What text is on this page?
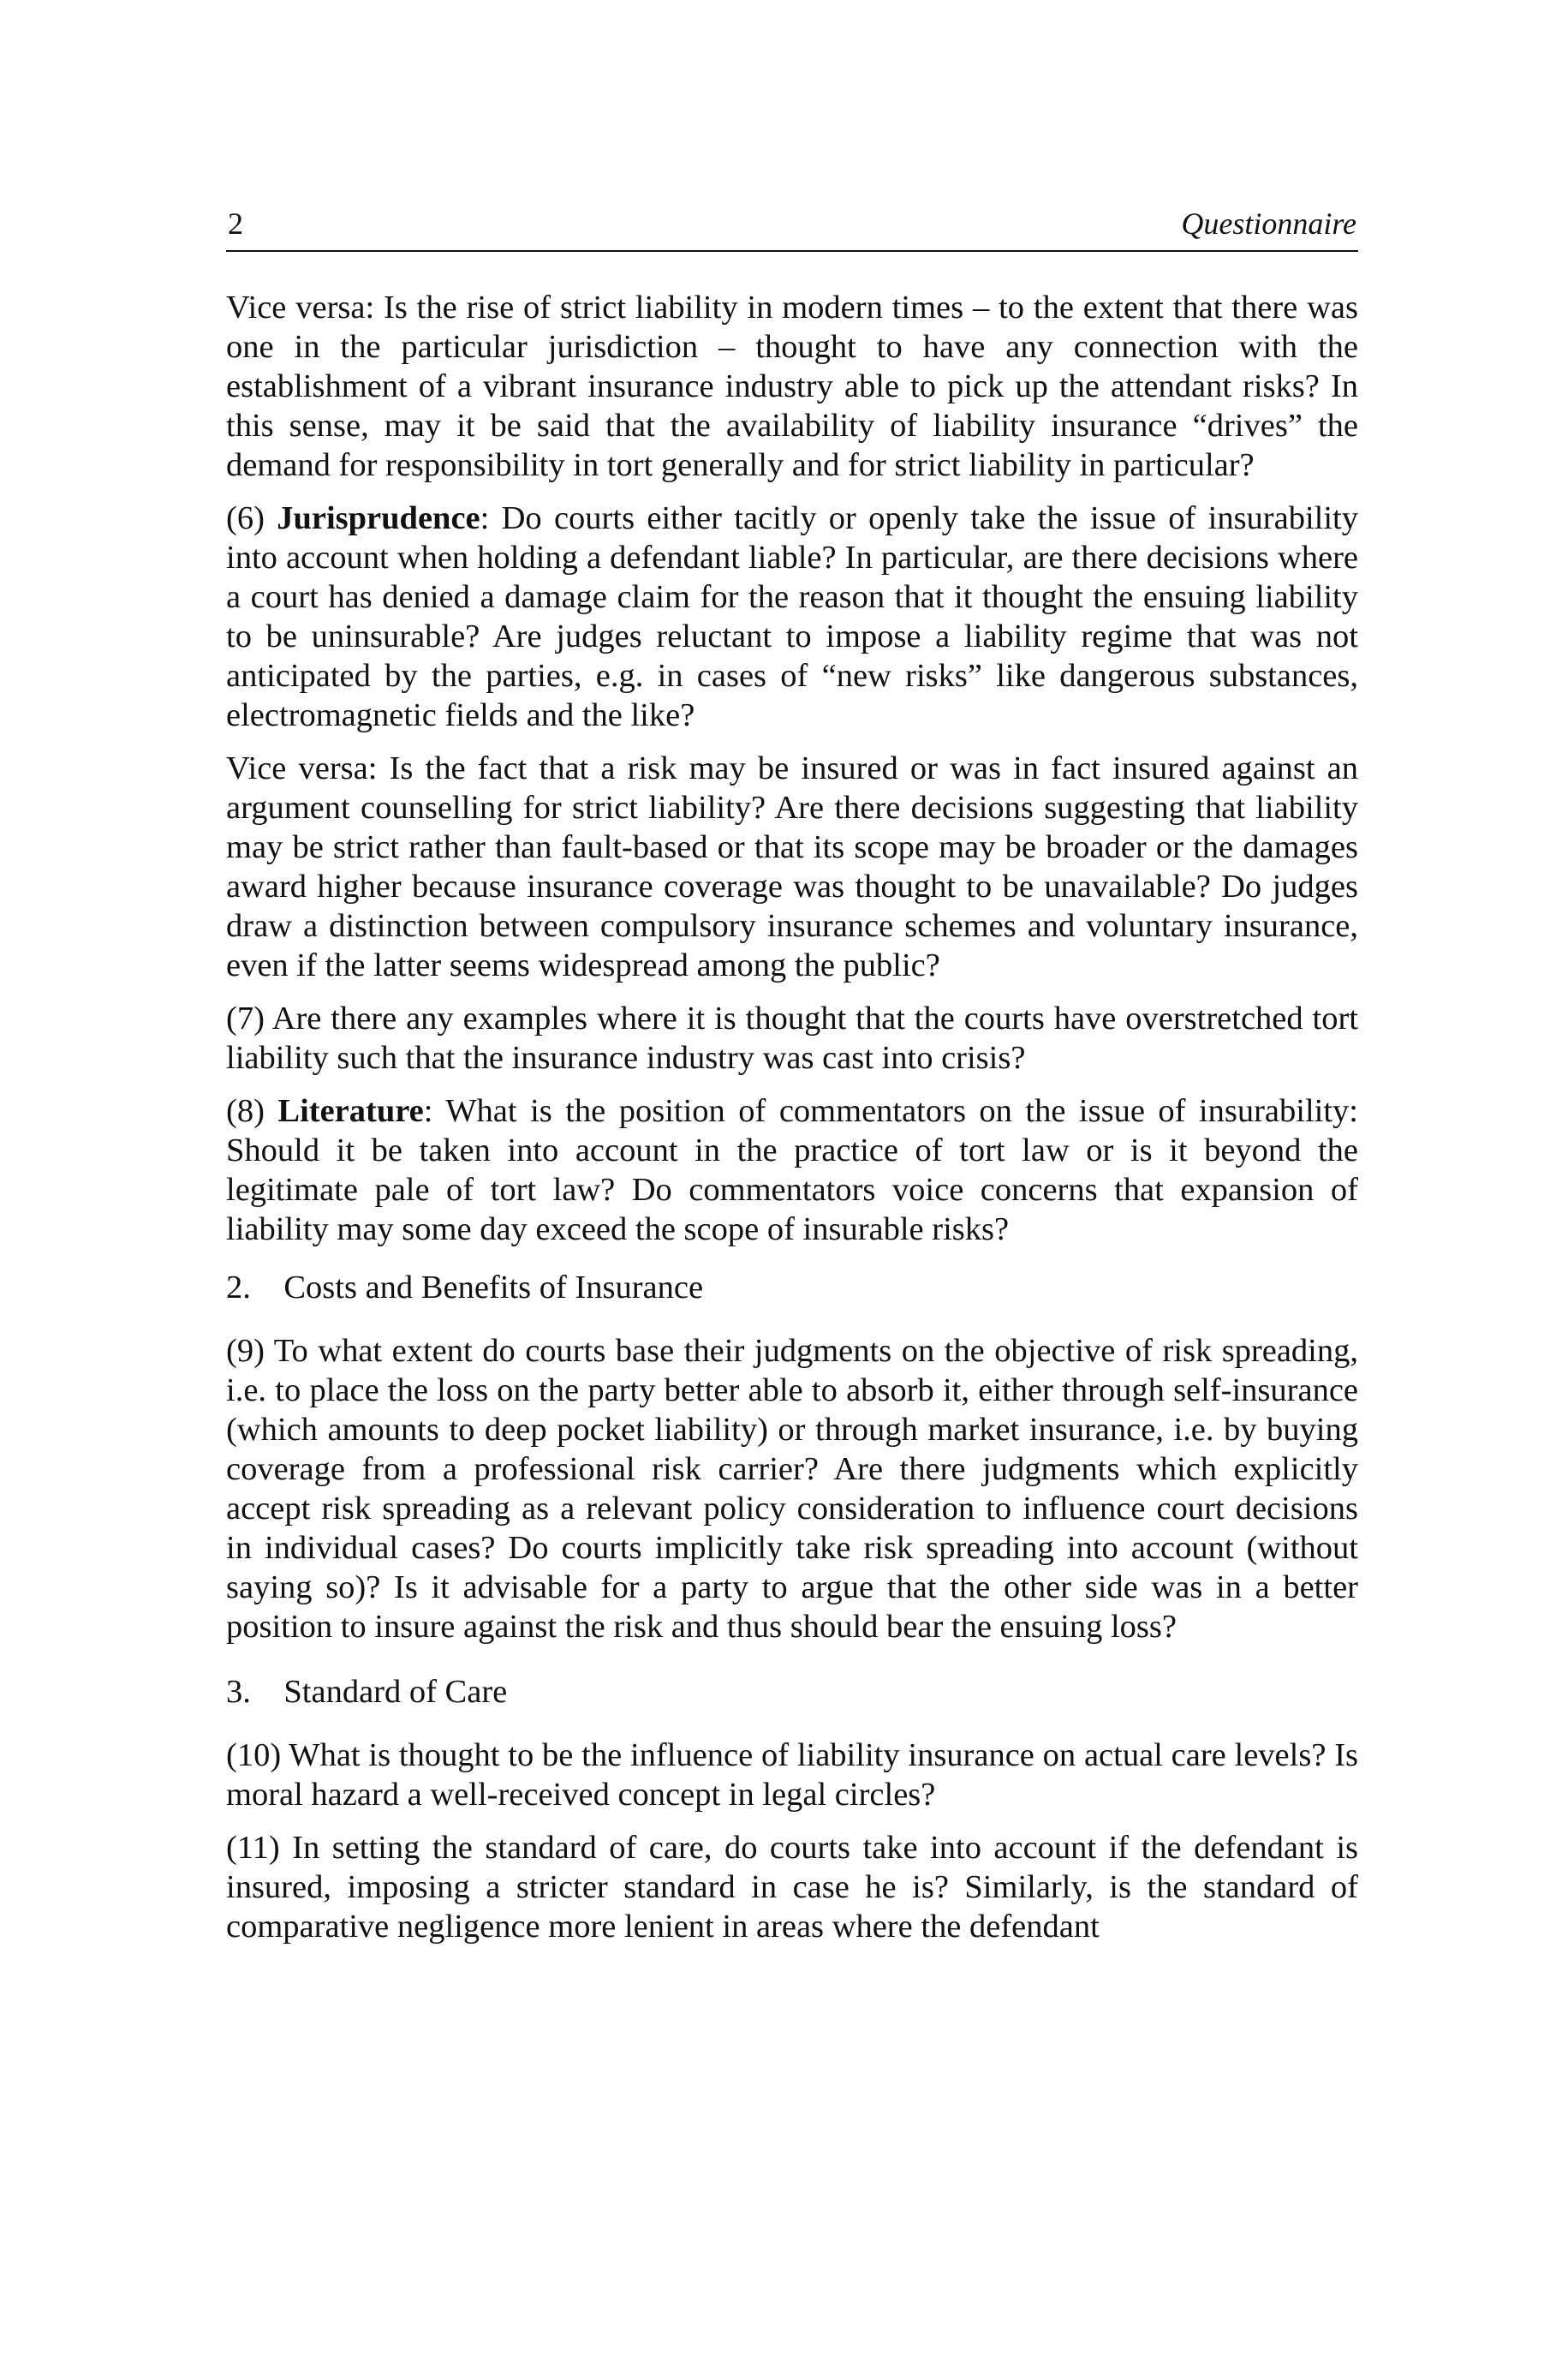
2	Questionnaire

Vice versa: Is the rise of strict liability in modern times – to the extent that there was one in the particular jurisdiction – thought to have any connection with the establishment of a vibrant insurance industry able to pick up the attendant risks? In this sense, may it be said that the availability of liability insurance “drives” the demand for responsibility in tort generally and for strict liability in particular?

(6) Jurisprudence: Do courts either tacitly or openly take the issue of insurability into account when holding a defendant liable? In particular, are there decisions where a court has denied a damage claim for the reason that it thought the ensuing liability to be uninsurable? Are judges reluctant to impose a liability regime that was not anticipated by the parties, e.g. in cases of “new risks” like dangerous substances, electromagnetic fields and the like?

Vice versa: Is the fact that a risk may be insured or was in fact insured against an argument counselling for strict liability? Are there decisions suggesting that liability may be strict rather than fault-based or that its scope may be broader or the damages award higher because insurance coverage was thought to be unavailable? Do judges draw a distinction between compulsory insurance schemes and voluntary insurance, even if the latter seems widespread among the public?

(7) Are there any examples where it is thought that the courts have overstretched tort liability such that the insurance industry was cast into crisis?

(8) Literature: What is the position of commentators on the issue of insurability: Should it be taken into account in the practice of tort law or is it beyond the legitimate pale of tort law? Do commentators voice concerns that expansion of liability may some day exceed the scope of insurable risks?

2. Costs and Benefits of Insurance

(9) To what extent do courts base their judgments on the objective of risk spreading, i.e. to place the loss on the party better able to absorb it, either through self-insurance (which amounts to deep pocket liability) or through market insurance, i.e. by buying coverage from a professional risk carrier? Are there judgments which explicitly accept risk spreading as a relevant policy consideration to influence court decisions in individual cases? Do courts implicitly take risk spreading into account (without saying so)? Is it advisable for a party to argue that the other side was in a better position to insure against the risk and thus should bear the ensuing loss?

3. Standard of Care

(10) What is thought to be the influence of liability insurance on actual care levels? Is moral hazard a well-received concept in legal circles?

(11) In setting the standard of care, do courts take into account if the defendant is insured, imposing a stricter standard in case he is? Similarly, is the standard of comparative negligence more lenient in areas where the defendant
